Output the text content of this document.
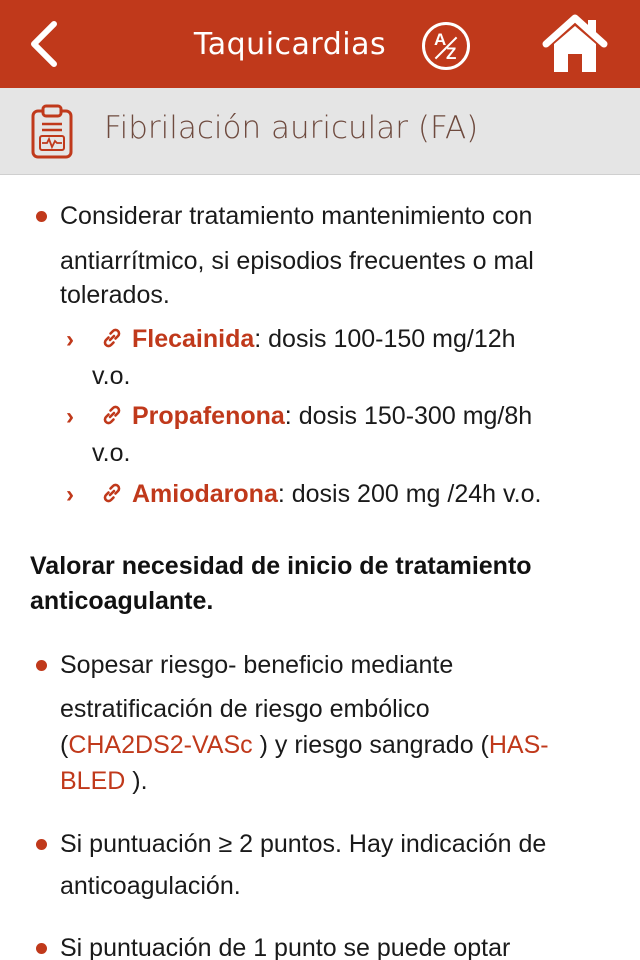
Taquicardias	A
Z
Fibrilación auricular (FA)
Considerar tratamiento mantenimiento con
antiarrítmico, si episodios frecuentes o mal
tolerados.
›	Flecainida: dosis 100-150 mg/12h
v.o.
›	Propafenona: dosis 150-300 mg/8h
v.o.
›	Amiodarona: dosis 200 mg /24h v.o.
Valorar necesidad de inicio de tratamiento
anticoagulante.
Sopesar riesgo- beneficio mediante
estratificación de riesgo embólico
(CHA2DS2-VASc ) y riesgo sangrado (HAS-
BLED ).
Si puntuación ≥ 2 puntos. Hay indicación de
anticoagulación.
Si puntuación de 1 punto se puede optar
